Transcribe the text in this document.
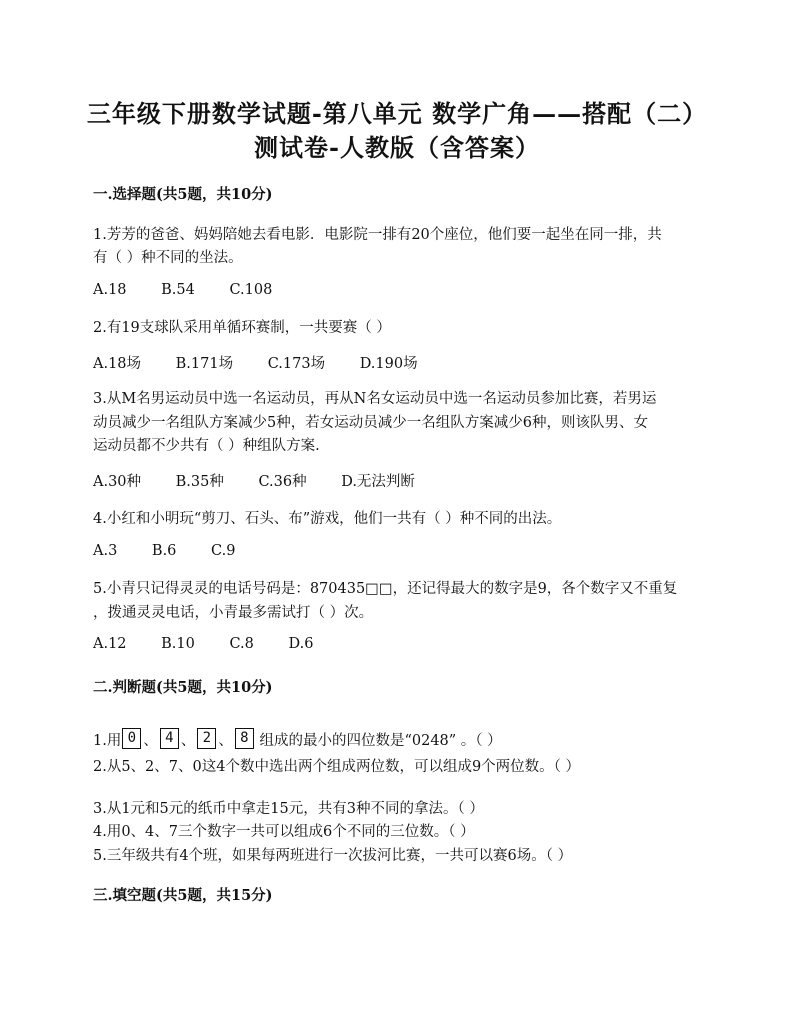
三年级下册数学试题-第八单元 数学广角——搭配（二）
测试卷-人教版（含答案）
一.选择题(共5题，共10分)
1.芳芳的爸爸、妈妈陪她去看电影．电影院一排有20个座位，他们要一起坐在同一排，共
有（ ）种不同的坐法。
A.18 B.54 C.108
2.有19支球队采用单循环赛制，一共要赛（ ）
A.18场 B.171场 C.173场 D.190场
3.从M名男运动员中选一名运动员，再从N名女运动员中选一名运动员参加比赛，若男运
动员减少一名组队方案减少5种，若女运动员减少一名组队方案减少6种，则该队男、女
运动员都不少共有（ ）种组队方案.
A.30种 B.35种 C.36种 D.无法判断
4.小红和小明玩“剪刀、石头、布”游戏，他们一共有（ ）种不同的出法。
A.3 B.6 C.9
5.小青只记得灵灵的电话号码是：870435□□，还记得最大的数字是9，各个数字又不重复
，拨通灵灵电话，小青最多需试打（ ）次。
A.12 B.10 C.8 D.6
二.判断题(共5题，共10分)
1.用 0 、 4 、 2 、 8 组成的最小的四位数是“0248” 。（ ）
2.从5、2、7、0这4个数中选出两个组成两位数，可以组成9个两位数。（ ）
3.从1元和5元的纸币中拿走15元，共有3种不同的拿法。（ ）
4.用0、4、7三个数字一共可以组成6个不同的三位数。（ ）
5.三年级共有4个班，如果每两班进行一次拔河比赛，一共可以赛6场。（ ）
三.填空题(共5题，共15分)
